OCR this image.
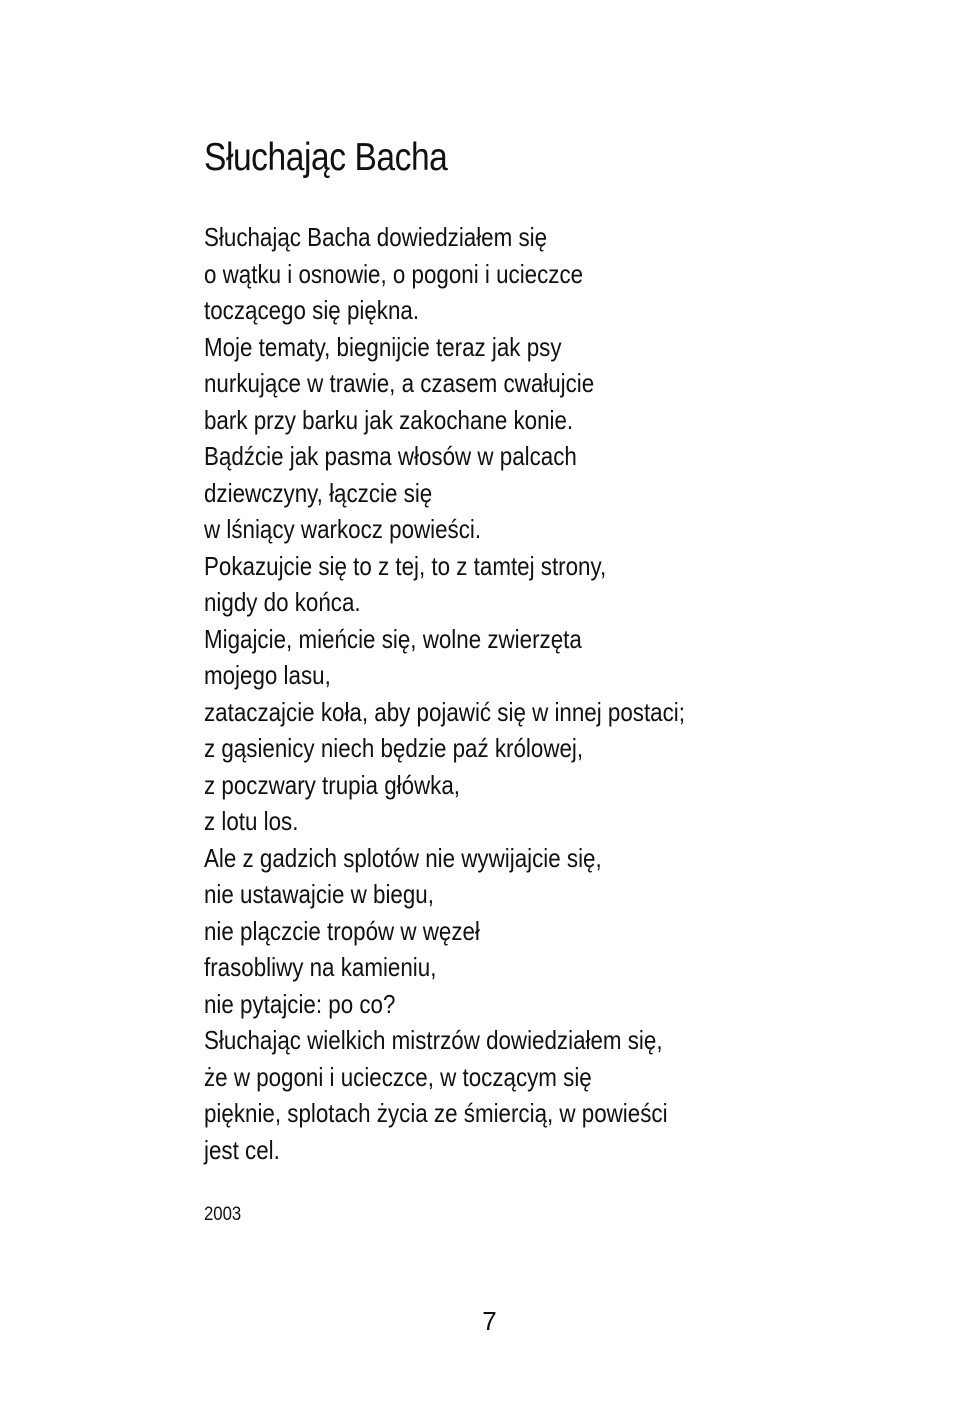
Słuchając Bacha
Słuchając Bacha dowiedziałem się
o wątku i osnowie, o pogoni i ucieczce
toczącego się piękna.
Moje tematy, biegnijcie teraz jak psy
nurkujące w trawie, a czasem cwałujcie
bark przy barku jak zakochane konie.
Bądźcie jak pasma włosów w palcach
dziewczyny, łączcie się
w lśniący warkocz powieści.
Pokazujcie się to z tej, to z tamtej strony,
nigdy do końca.
Migajcie, mieńcie się, wolne zwierzęta
mojego lasu,
zataczajcie koła, aby pojawić się w innej postaci;
z gąsienicy niech będzie paź królowej,
z poczwary trupia główka,
z lotu los.
Ale z gadzich splotów nie wywijajcie się,
nie ustawajcie w biegu,
nie plączcie tropów w węzeł
frasobliwy na kamieniu,
nie pytajcie: po co?
Słuchając wielkich mistrzów dowiedziałem się,
że w pogoni i ucieczce, w toczącym się
pięknie, splotach życia ze śmiercią, w powieści
jest cel.
2003
7
